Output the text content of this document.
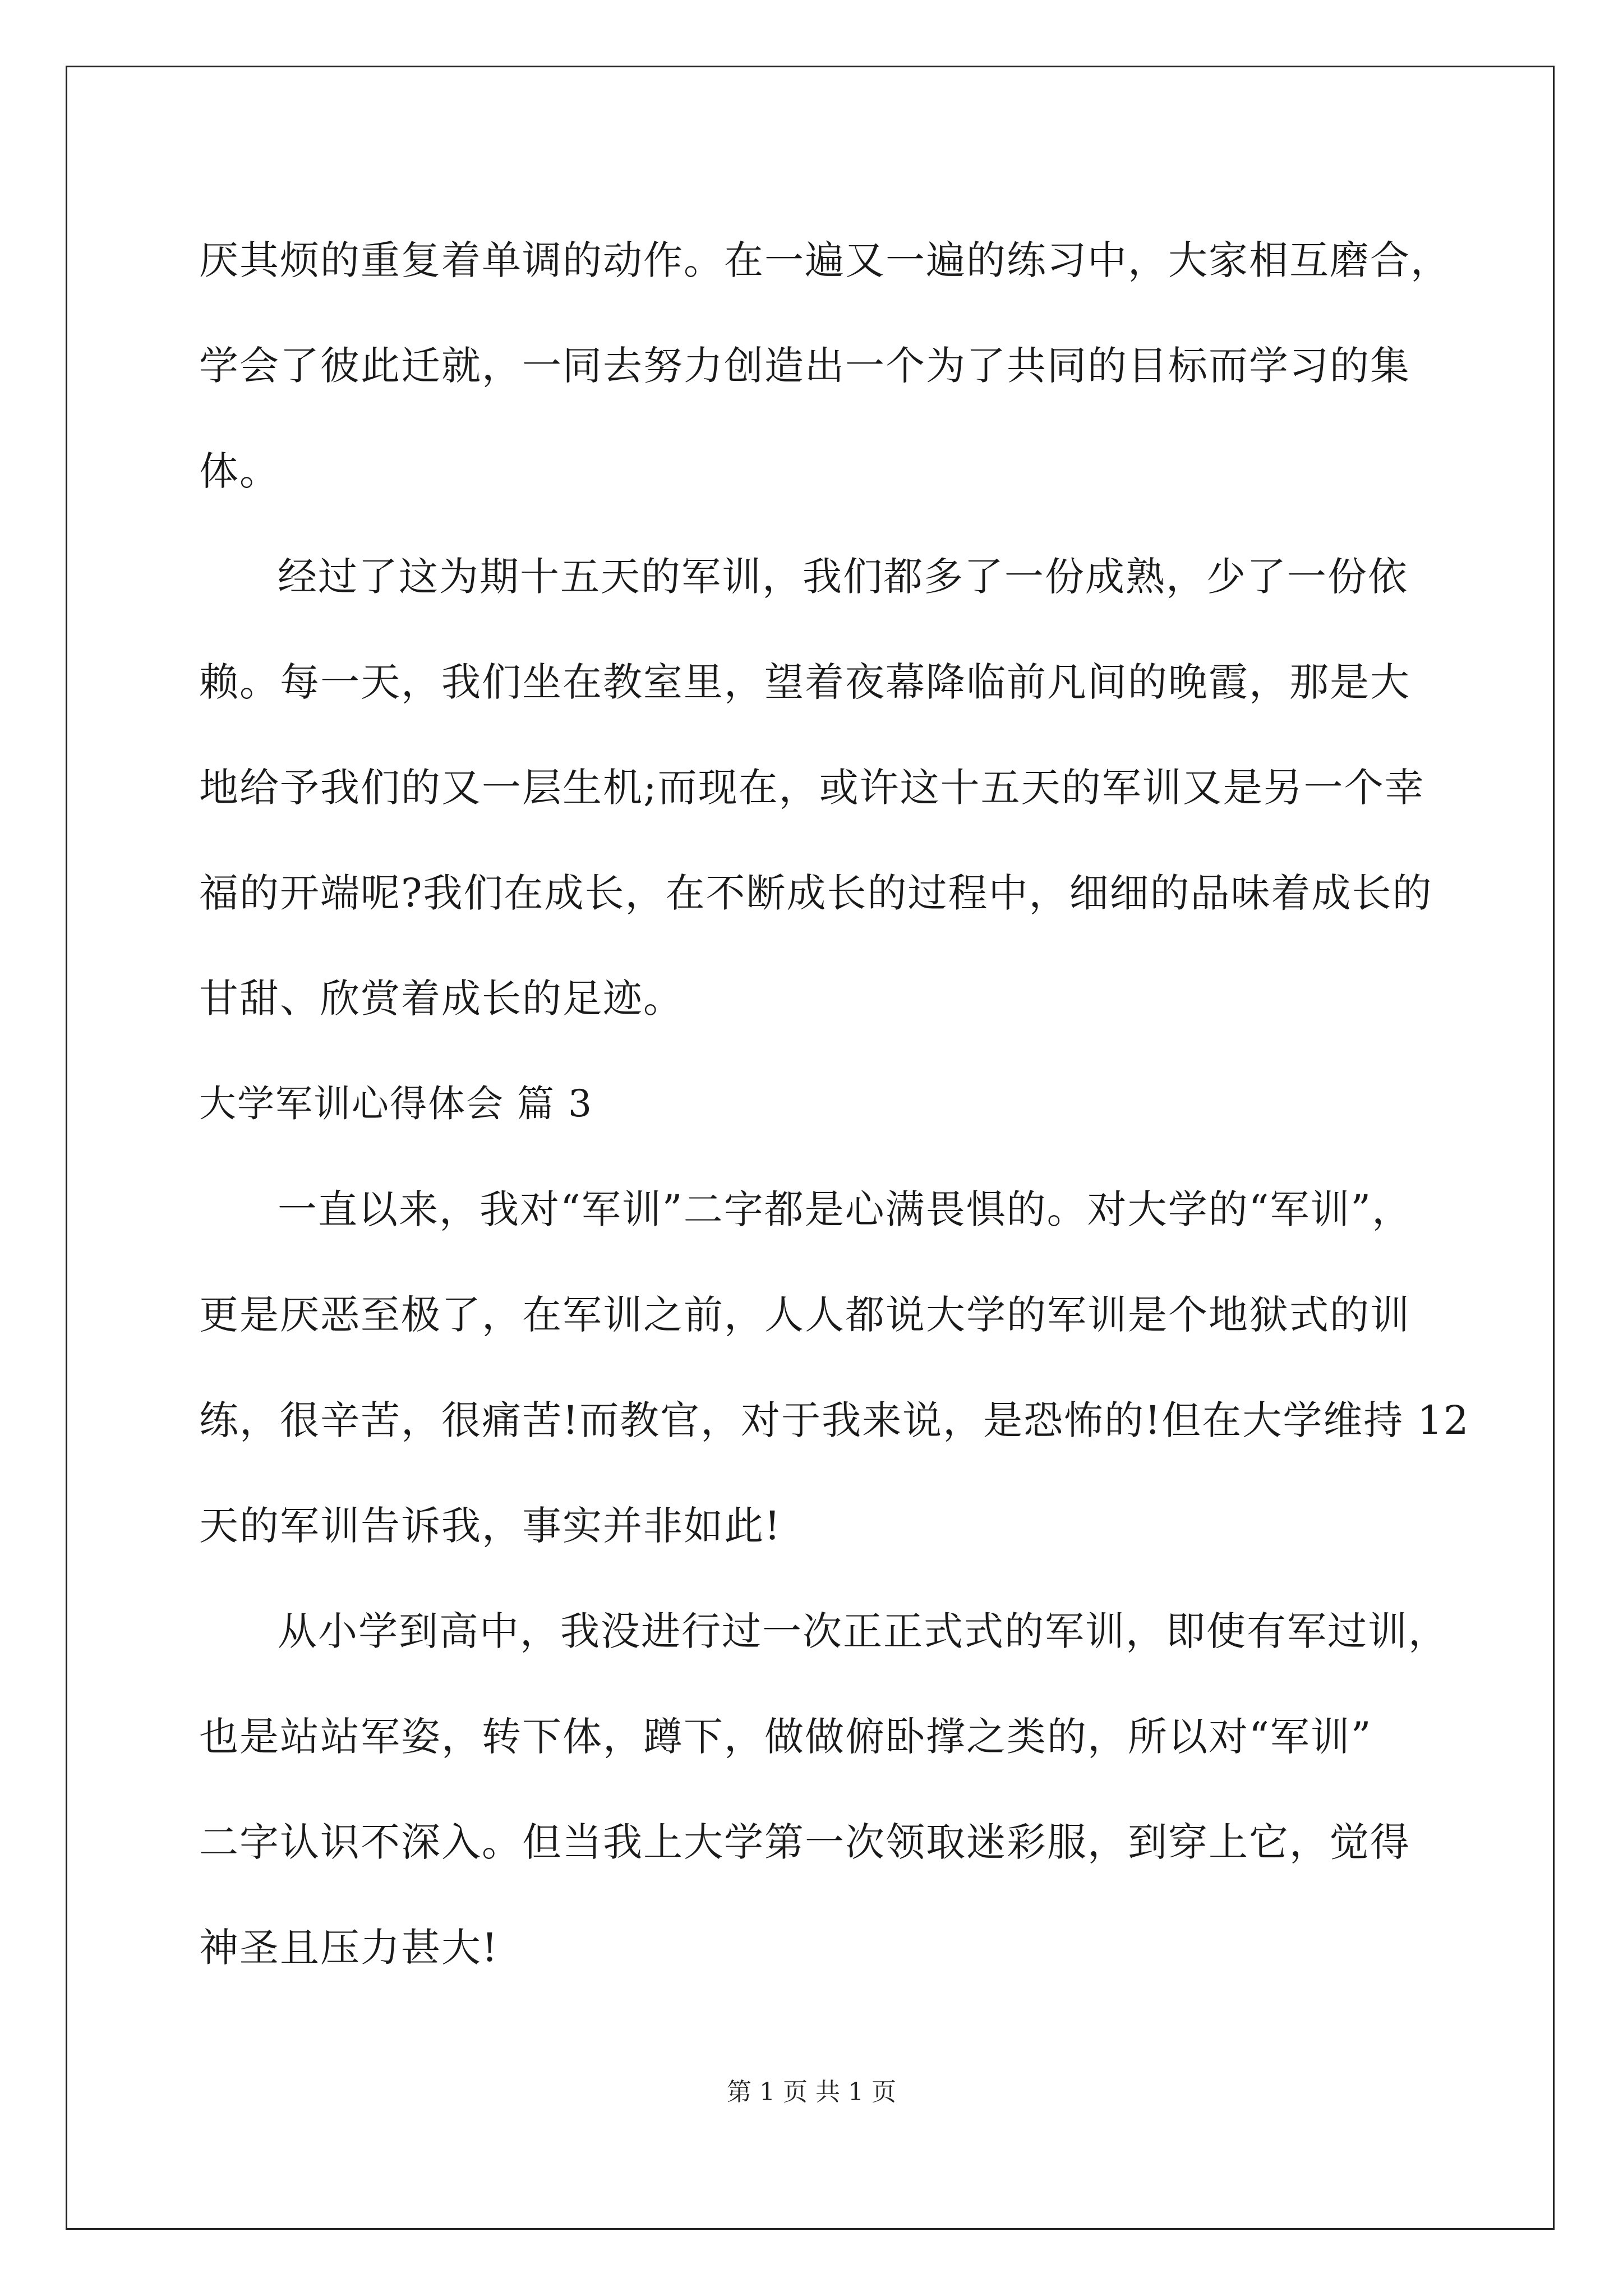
厌其烦的重复着单调的动作。在一遍又一遍的练习中，大家相互磨合，
学会了彼此迁就，一同去努力创造出一个为了共同的目标而学习的集
体。
经过了这为期十五天的军训，我们都多了一份成熟，少了一份依
赖。每一天，我们坐在教室里，望着夜幕降临前凡间的晚霞，那是大
地给予我们的又一层生机;而现在，或许这十五天的军训又是另一个幸
福的开端呢?我们在成长，在不断成长的过程中，细细的品味着成长的
甘甜、欣赏着成长的足迹。
大学军训心得体会 篇 3
一直以来，我对“军训”二字都是心满畏惧的。对大学的“军训”，
更是厌恶至极了，在军训之前，人人都说大学的军训是个地狱式的训
练，很辛苦，很痛苦!而教官，对于我来说，是恐怖的!但在大学维持 12
天的军训告诉我，事实并非如此!
从小学到高中，我没进行过一次正正式式的军训，即使有军过训，
也是站站军姿，转下体，蹲下，做做俯卧撑之类的，所以对“军训”
二字认识不深入。但当我上大学第一次领取迷彩服，到穿上它，觉得
神圣且压力甚大!
第 1 页 共 1 页
